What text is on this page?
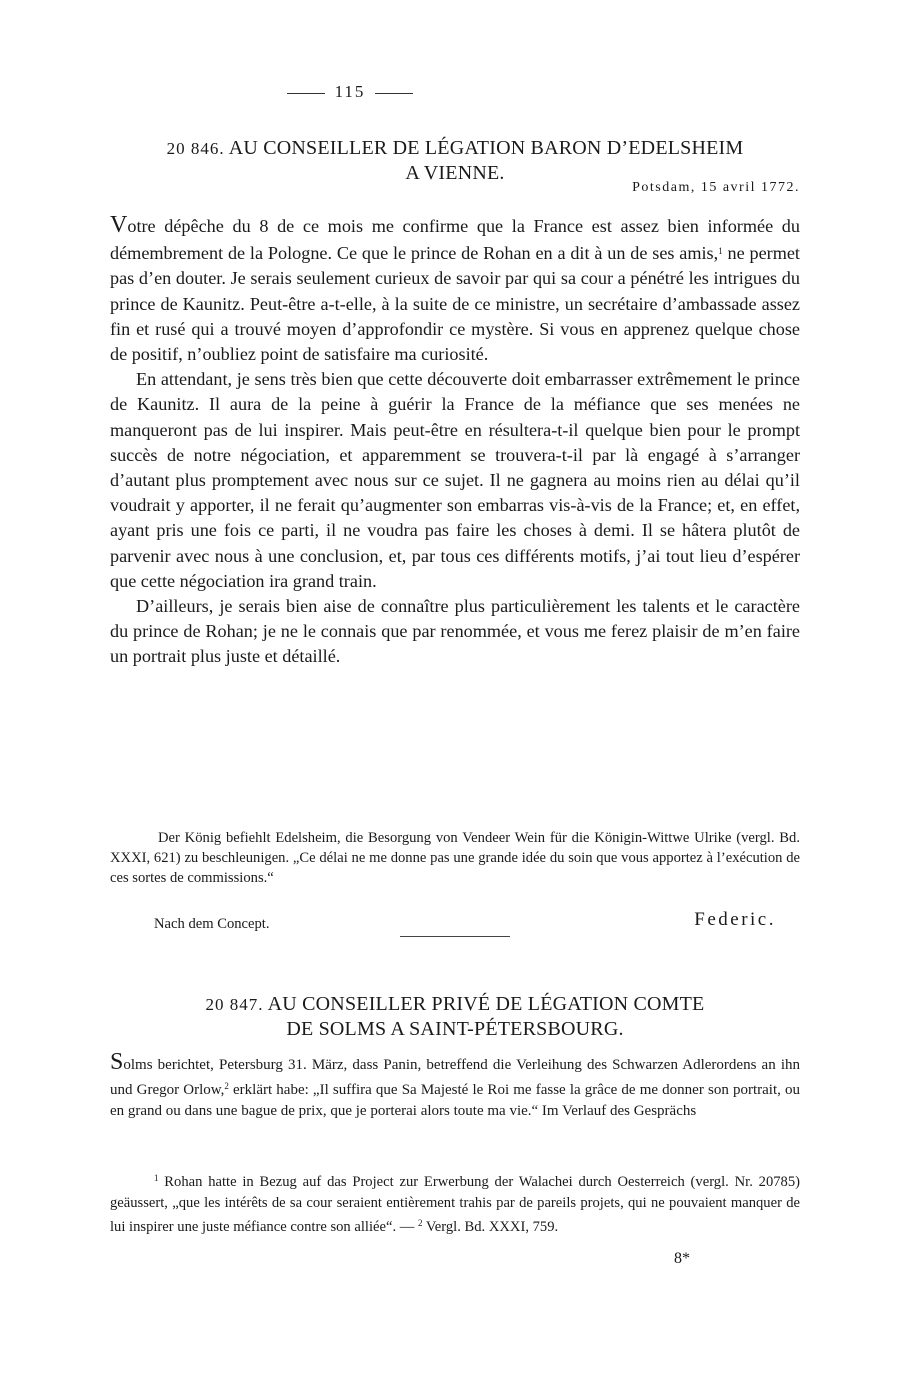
115
20 846. AU CONSEILLER DE LÉGATION BARON D’EDELSHEIM
A VIENNE.
Potsdam, 15 avril 1772.

Votre dépêche du 8 de ce mois me confirme que la France est assez bien informée du démembrement de la Pologne. Ce que le prince de Rohan en a dit à un de ses amis,$^1$ ne permet pas d’en douter. Je serais seulement curieux de savoir par qui sa cour a pénétré les intrigues du prince de Kaunitz. Peut-être a-t-elle, à la suite de ce ministre, un secrétaire d’ambassade assez fin et rusé qui a trouvé moyen d’approfondir ce mystère. Si vous en apprenez quelque chose de positif, n’oubliez point de satisfaire ma curiosité.

En attendant, je sens très bien que cette découverte doit embarrasser extrêmement le prince de Kaunitz. Il aura de la peine à guérir la France de la méfiance que ses menées ne manqueront pas de lui inspirer. Mais peut-être en résultera-t-il quelque bien pour le prompt succès de notre négociation, et apparemment se trouvera-t-il par là engagé à s’arranger d’autant plus promptement avec nous sur ce sujet. Il ne gagnera au moins rien au délai qu’il voudrait y apporter, il ne ferait qu’augmenter son embarras vis-à-vis de la France; et, en effet, ayant pris une fois ce parti, il ne voudra pas faire les choses à demi. Il se hâtera plutôt de parvenir avec nous à une conclusion, et, par tous ces différents motifs, j’ai tout lieu d’espérer que cette négociation ira grand train.

D’ailleurs, je serais bien aise de connaître plus particulièrement les talents et le caractère du prince de Rohan; je ne le connais que par renommée, et vous me ferez plaisir de m’en faire un portrait plus juste et détaillé.

Der König befiehlt Edelsheim, die Besorgung von Vendeer Wein für die Königin-Wittwe Ulrike (vergl. Bd. XXXI, 621) zu beschleunigen. „Ce délai ne me donne pas une grande idée du soin que vous apportez à l’exécution de ces sortes de commissions.“

Nach dem Concept.	Federic.
20 847. AU CONSEILLER PRIVÉ DE LÉGATION COMTE
DE SOLMS A SAINT-PÉTERSBOURG.

Solms berichtet, Petersburg 31. März, dass Panin, betreffend die Verleihung des Schwarzen Adlerordens an ihn und Gregor Orlow,$^2$ erklärt habe: „Il suffira que Sa Majesté le Roi me fasse la grâce de me donner son portrait, ou en grand ou dans une bague de prix, que je porterai alors toute ma vie.“ Im Verlauf des Gesprächs

$^1$ Rohan hatte in Bezug auf das Project zur Erwerbung der Walachei durch Oesterreich (vergl. Nr. 20785) geäussert, „que les intérêts de sa cour seraient entièrement trahis par de pareils projets, qui ne pouvaient manquer de lui inspirer une juste méfiance contre son alliée“. — $^2$ Vergl. Bd. XXXI, 759.

8*
